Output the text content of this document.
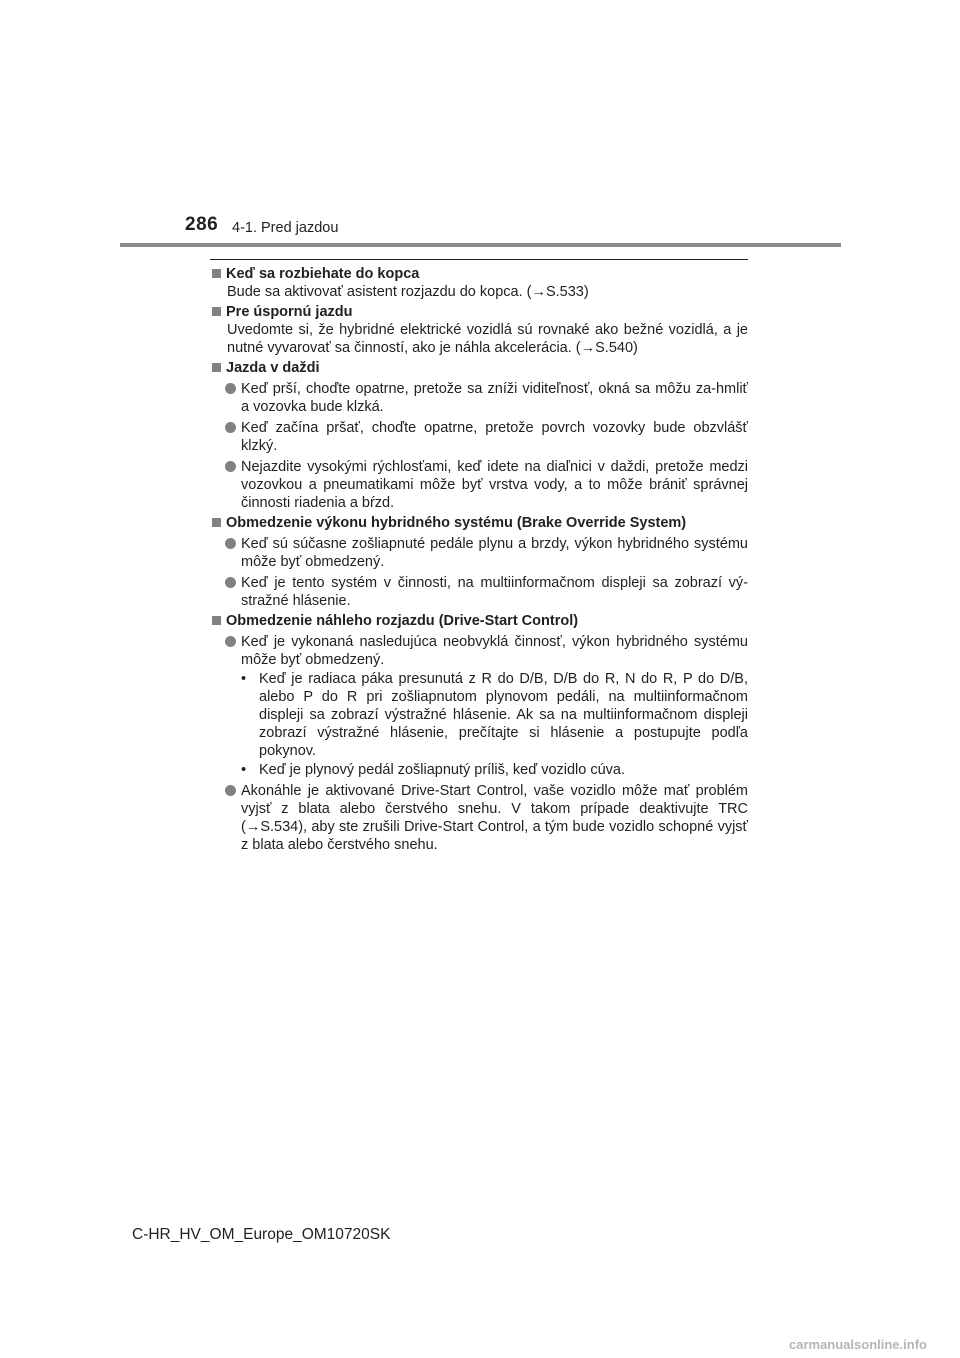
286 4-1. Pred jazdou
Keď sa rozbiehate do kopca
Bude sa aktivovať asistent rozjazdu do kopca. (→S.533)
Pre úspornú jazdu
Uvedomte si, že hybridné elektrické vozidlá sú rovnaké ako bežné vozidlá, a je nutné vyvarovať sa činností, ako je náhla akcelerácia. (→S.540)
Jazda v daždi
Keď prší, choďte opatrne, pretože sa zníži viditeľnosť, okná sa môžu za-hmliť a vozovka bude klzká.
Keď začína pršať, choďte opatrne, pretože povrch vozovky bude obzvlášť klzký.
Nejazdite vysokými rýchlosťami, keď idete na diaľnici v daždi, pretože medzi vozovkou a pneumatikami môže byť vrstva vody, a to môže brániť správnej činnosti riadenia a bŕzd.
Obmedzenie výkonu hybridného systému (Brake Override System)
Keď sú súčasne zošliapnuté pedále plynu a brzdy, výkon hybridného systému môže byť obmedzený.
Keď je tento systém v činnosti, na multiinformačnom displeji sa zobrazí vý-stražné hlásenie.
Obmedzenie náhleho rozjazdu (Drive-Start Control)
Keď je vykonaná nasledujúca neobvyklá činnosť, výkon hybridného systému môže byť obmedzený.
• Keď je radiaca páka presunutá z R do D/B, D/B do R, N do R, P do D/B, alebo P do R pri zošliapnutom plynovom pedáli, na multiinformačnom displeji sa zobrazí výstražné hlásenie. Ak sa na multiinformačnom displeji zobrazí výstražné hlásenie, prečítajte si hlásenie a postupujte podľa pokynov.
• Keď je plynový pedál zošliapnutý príliš, keď vozidlo cúva.
Akonáhle je aktivované Drive-Start Control, vaše vozidlo môže mať problém vyjsť z blata alebo čerstvého snehu. V takom prípade deaktivujte TRC (→S.534), aby ste zrušili Drive-Start Control, a tým bude vozidlo schopné vyjsť z blata alebo čerstvého snehu.
C-HR_HV_OM_Europe_OM10720SK
carmanualsonline.info
